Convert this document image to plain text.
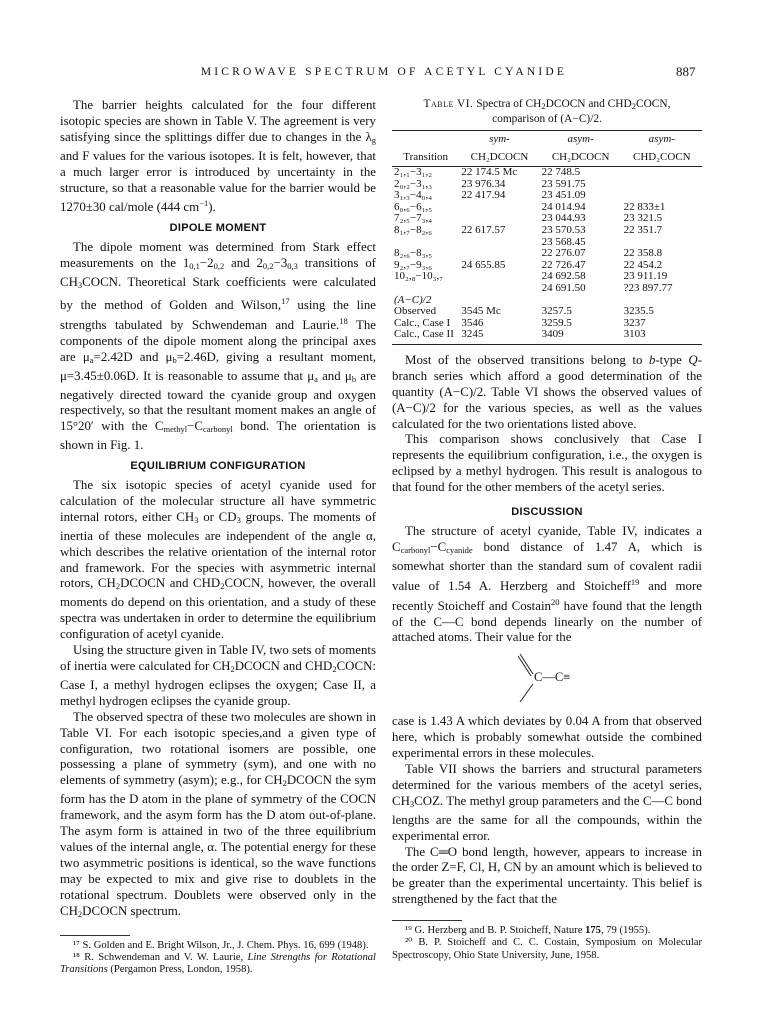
MICROWAVE SPECTRUM OF ACETYL CYANIDE	887

The barrier heights calculated for the four different isotopic species are shown in Table V. The agreement is very satisfying since the splittings differ due to changes in the $\lambda_g$ and F values for the various isotopes. It is felt, however, that a much larger error is introduced by uncertainty in the structure, so that a reasonable value for the barrier would be 1270±30 cal/mole (444 $cm^{-1}$).

DIPOLE MOMENT

The dipole moment was determined from Stark effect measurements on the $1_{0,1}-2_{0,2}$ and $2_{0,2}-3_{0,3}$ transitions of $CH_3COCN$. Theoretical Stark coefficients were calculated by the method of Golden and Wilson,$^{17}$ using the line strengths tabulated by Schwendeman and Laurie.$^{18}$ The components of the dipole moment along the principal axes are $\mu_a=2.42D$ and $\mu_b=2.46D$, giving a resultant moment, μ=3.45±0.06D. It is reasonable to assume that $\mu_a$ and $\mu_b$ are negatively directed toward the cyanide group and oxygen respectively, so that the resultant moment makes an angle of 15°20′ with the $C_{methyl}-C_{carbonyl}$ bond. The orientation is shown in Fig. 1.

EQUILIBRIUM CONFIGURATION

The six isotopic species of acetyl cyanide used for calculation of the molecular structure all have symmetric internal rotors, either $CH_3$ or $CD_3$ groups. The moments of inertia of these molecules are independent of the angle α, which describes the relative orientation of the internal rotor and framework. For the species with asymmetric internal rotors, $CH_2DCOCN$ and $CHD_2COCN$, however, the overall moments do depend on this orientation, and a study of these spectra was undertaken in order to determine the equilibrium configuration of acetyl cyanide.

Using the structure given in Table IV, two sets of moments of inertia were calculated for $CH_2DCOCN$ and $CHD_2COCN$: Case I, a methyl hydrogen eclipses the oxygen; Case II, a methyl hydrogen eclipses the cyanide group.

The observed spectra of these two molecules are shown in Table VI. For each isotopic species,and a given type of configuration, two rotational isomers are possible, one possessing a plane of symmetry (sym), and one with no elements of symmetry (asym); e.g., for $CH_2DCOCN$ the sym form has the D atom in the plane of symmetry of the COCN framework, and the asym form has the D atom out-of-plane. The asym form is attained in two of the three equilibrium values of the internal angle, α. The potential energy for these two asymmetric positions is identical, so the wave functions may be expected to mix and give rise to doublets in the rotational spectrum. Doublets were observed only in the $CH_2DCOCN$ spectrum.

¹⁷ S. Golden and E. Bright Wilson, Jr., J. Chem. Phys. 16, 699 (1948).

¹⁸ R. Schwendeman and V. W. Laurie, Line Strengths for Rotational Transitions (Pergamon Press, London, 1958).

Table VI. Spectra of $CH_2DCOCN$ and $CHD_2COCN$,
comparison of (A−C)/2.
	sym-	asym-	asym-
Transition	CH₂DCOCN	CH₂DCOCN	CHD₂COCN
2₁,₁−3₁,₂	22 174.5 Mc	22 748.5	
2₀,₂−3₁,₃	23 976.34	23 591.75	
3₁,₃−4₀,₄	22 417.94	23 451.09	
6₀,₆−6₁,₅		24 014.94	22 833±1
7₂,₅−7₃,₄		23 044.93	23 321.5
8₁,₇−8₂,₆	22 617.57	23 570.53	22 351.7
		23 568.45	
8₂,₆−8₃,₅		22 276.07	22 358.8
9₂,₇−9₃,₆	24 655.85	22 726.47	22 454.2
10₂,₈−10₃,₇		24 692.58	23 911.19
		24 691.50	?23 897.77
(A−C)/2			
Observed	3545 Mc	3257.5	3235.5
Calc., Case I	3546	3259.5	3237
Calc., Case II	3245	3409	3103

Most of the observed transitions belong to b-type Q-branch series which afford a good determination of the quantity (A−C)/2. Table VI shows the observed values of (A−C)/2 for the various species, as well as the values calculated for the two orientations listed above.

This comparison shows conclusively that Case I represents the equilibrium configuration, i.e., the oxygen is eclipsed by a methyl hydrogen. This result is analogous to that found for the other members of the acetyl series.

DISCUSSION

The structure of acetyl cyanide, Table IV, indicates a $C_{carbonyl}-C_{cyanide}$ bond distance of 1.47 A, which is somewhat shorter than the standard sum of covalent radii value of 1.54 A. Herzberg and Stoicheff$^{19}$ and more recently Stoicheff and Costain$^{20}$ have found that the length of the C—C bond depends linearly on the number of attached atoms. Their value for the

C—C≡

case is 1.43 A which deviates by 0.04 A from that observed here, which is probably somewhat outside the combined experimental errors in these molecules.

Table VII shows the barriers and structural parameters determined for the various members of the acetyl series, $CH_3COZ$. The methyl group parameters and the C—C bond lengths are the same for all the compounds, within the experimental error.

The C═O bond length, however, appears to increase in the order Z=F, Cl, H, CN by an amount which is believed to be greater than the experimental uncertainty. This belief is strengthened by the fact that the

¹⁹ G. Herzberg and B. P. Stoicheff, Nature 175, 79 (1955).

²⁰ B. P. Stoicheff and C. C. Costain, Symposium on Molecular Spectroscopy, Ohio State University, June, 1958.
